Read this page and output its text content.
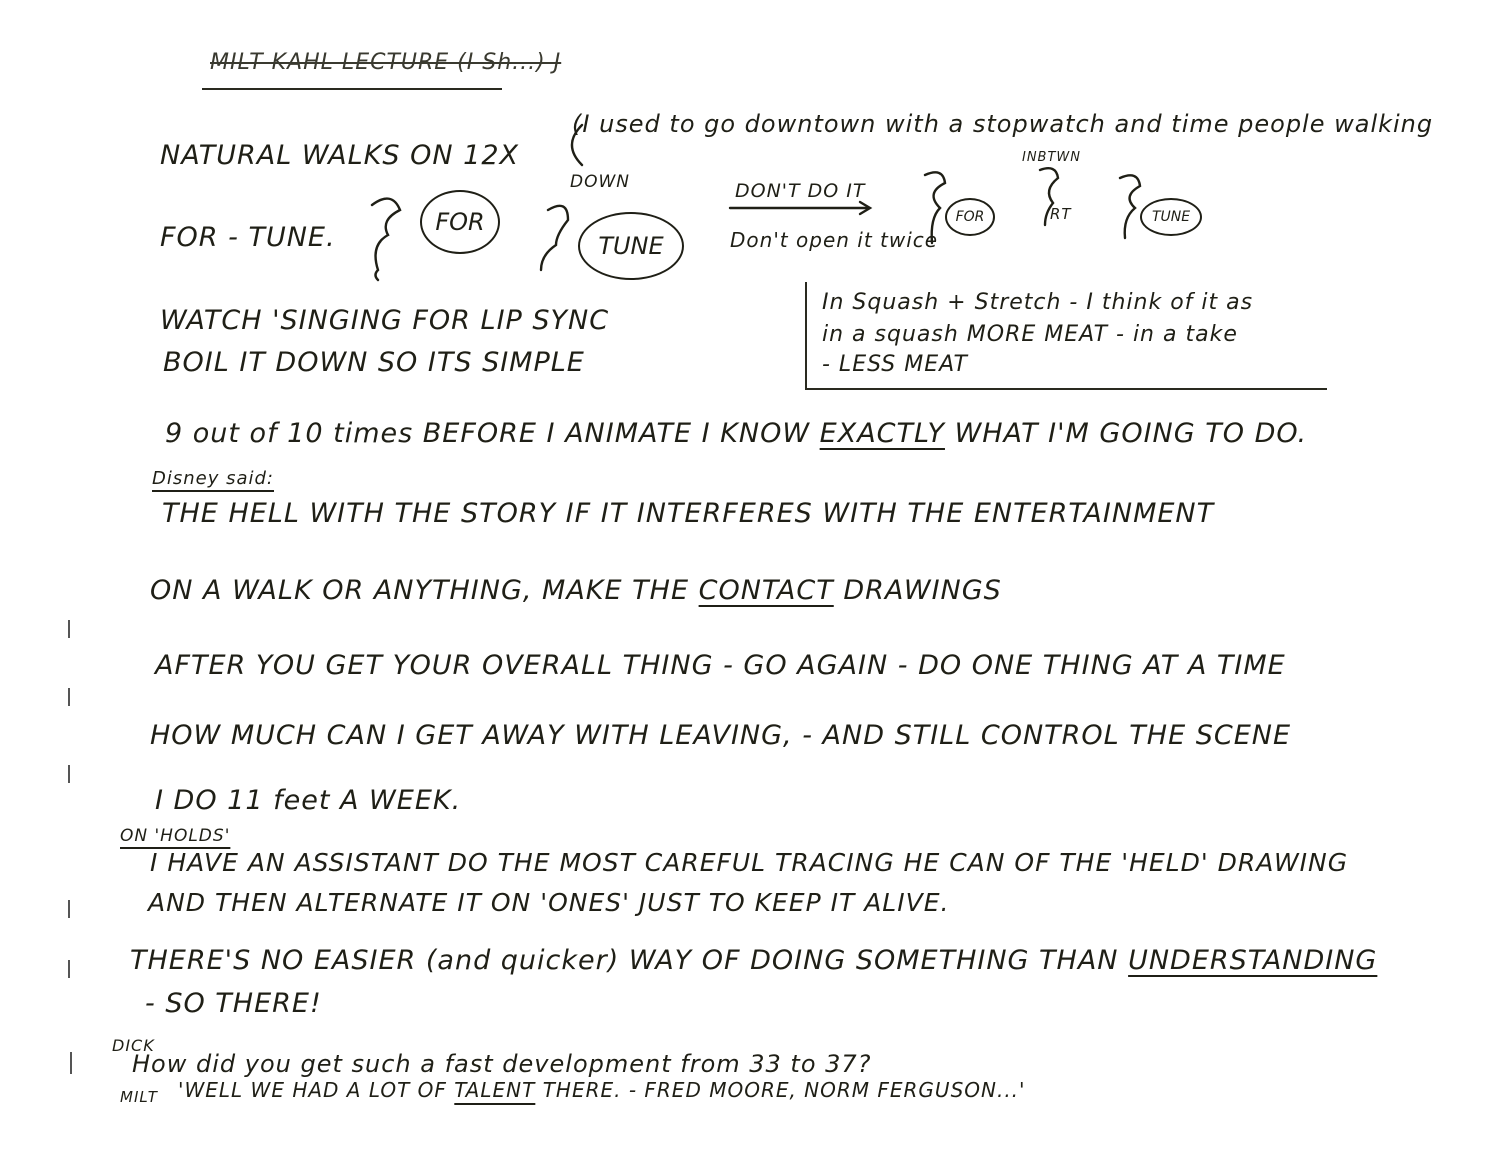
MILT KAHL LECTURE (I Sh...) J
(I used to go downtown with a stopwatch and time people walking
NATURAL WALKS ON 12X
FOR - TUNE.	FOR
DOWN
TUNE
DON'T DO IT
Don't open it twice
FOR
INBTWN
RT	TUNE
WATCH 'SINGING FOR LIP SYNC
BOIL IT DOWN SO ITS SIMPLE
In Squash + Stretch - I think of it as
in a squash MORE MEAT - in a take
- LESS MEAT
9 out of 10 times BEFORE I ANIMATE I KNOW EXACTLY WHAT I'M GOING TO DO.
Disney said:
THE HELL WITH THE STORY IF IT INTERFERES WITH THE ENTERTAINMENT
ON A WALK OR ANYTHING, MAKE THE CONTACT DRAWINGS
AFTER YOU GET YOUR OVERALL THING - GO AGAIN - DO ONE THING AT A TIME
HOW MUCH CAN I GET AWAY WITH LEAVING, - AND STILL CONTROL THE SCENE
I DO 11 feet A WEEK.
ON 'HOLDS'
I HAVE AN ASSISTANT DO THE MOST CAREFUL TRACING HE CAN OF THE 'HELD' DRAWING
AND THEN ALTERNATE IT ON 'ONES' JUST TO KEEP IT ALIVE.
THERE'S NO EASIER (and quicker) WAY OF DOING SOMETHING THAN UNDERSTANDING
- SO THERE!
DICK
How did you get such a fast development from 33 to 37?
MILT 'WELL WE HAD A LOT OF TALENT THERE. - FRED MOORE, NORM FERGUSON...'
